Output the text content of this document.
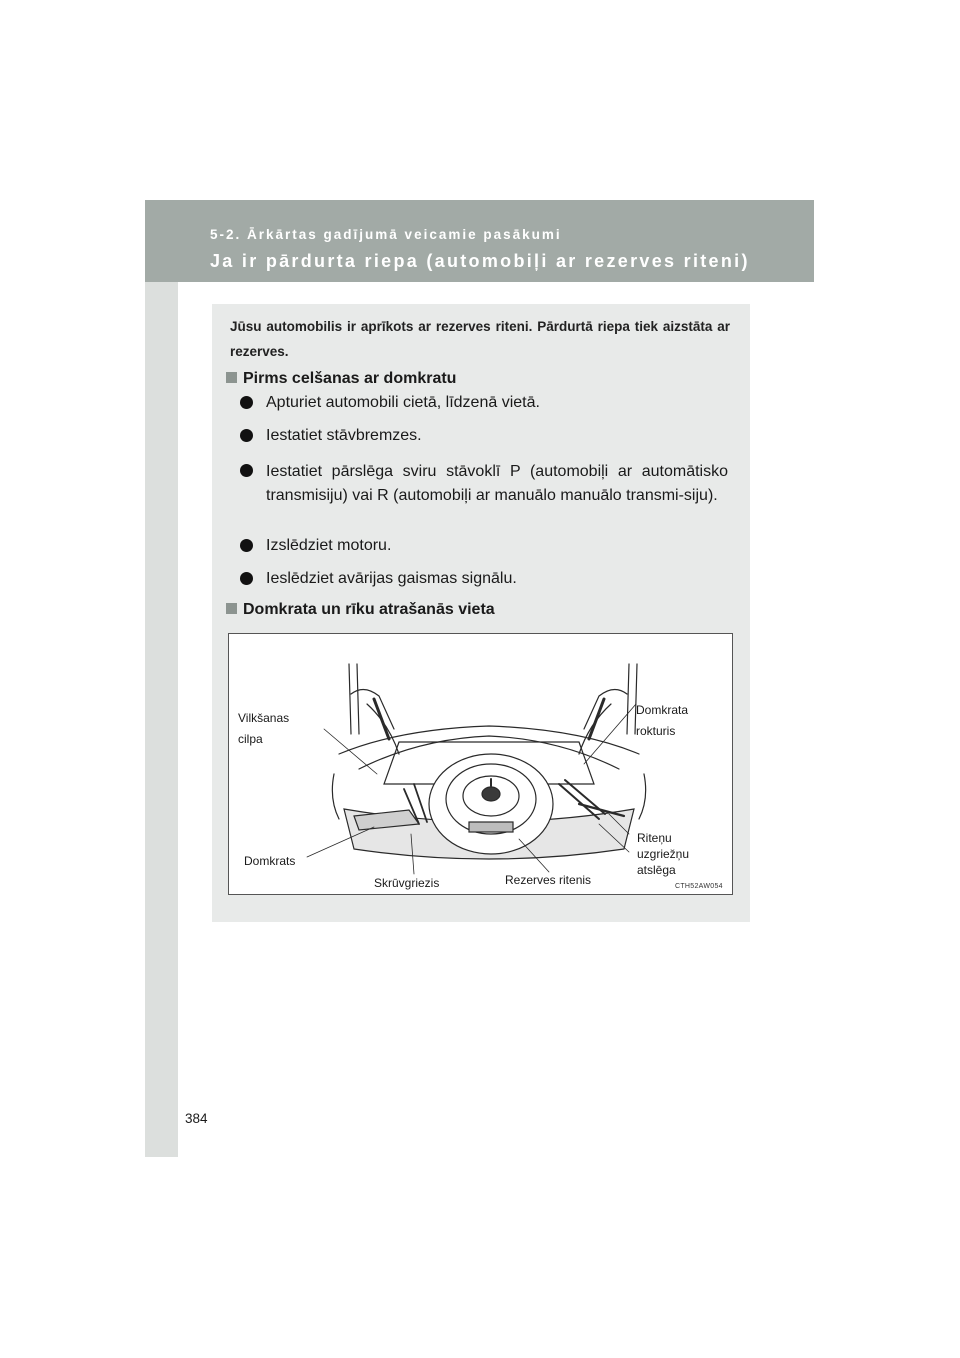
5-2. Ārkārtas gadījumā veicamie pasākumi
Ja ir pārdurta riepa (automobiļi ar rezerves riteni)
Jūsu automobilis ir aprīkots ar rezerves riteni. Pārdurtā riepa tiek aizstāta ar rezerves.
Pirms celšanas ar domkratu
Apturiet automobili cietā, līdzenā vietā.
Iestatiet stāvbremzes.
Iestatiet pārslēga sviru stāvoklī P (automobiļi ar automātisko transmisiju) vai R (automobiļi ar manuālo manuālo transmi-siju).
Izslēdziet motoru.
Ieslēdziet avārijas gaismas signālu.
Domkrata un rīku atrašanās vieta
Vilkšanas cilpa
Domkrata rokturis
Domkrats
Skrūvgriezis	Rezerves ritenis
Riteņu uzgriežņu atslēga
CTH52AW054
384
